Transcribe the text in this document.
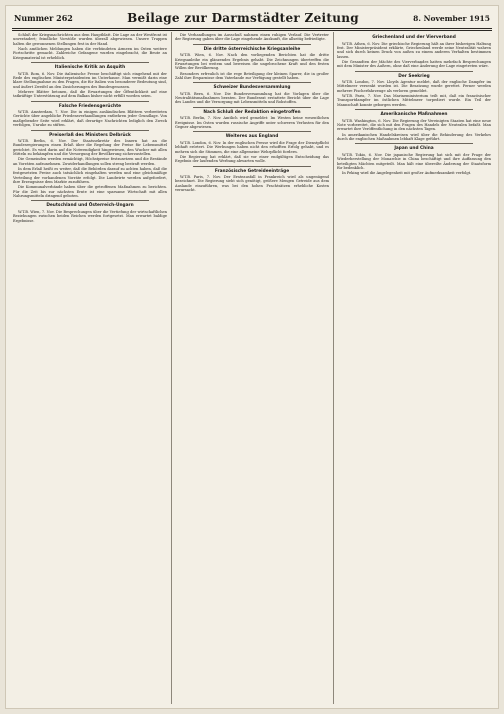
Nummer 262	Beilage zur Darmstädter Zeitung	8. November 1915

Schluß der Kriegsnachrichten aus dem Hauptblatt. Die Lage an der Westfront ist unverändert; feindliche Vorstöße wurden überall abgewiesen. Unsere Truppen halten die gewonnenen Stellungen fest in der Hand.

Nach amtlichen Meldungen haben die verbündeten Armeen im Osten weitere Fortschritte gemacht. Zahlreiche Gefangene wurden eingebracht, die Beute an Kriegsmaterial ist erheblich.

Italienische Kritik an Asquith

W.T.B. Rom, 6. Nov. Die italienische Presse beschäftigt sich eingehend mit der Rede des englischen Ministerpräsidenten im Unterhause. Man vermißt darin eine klare Stellungnahme zu den Fragen, die für Italien von besonderer Bedeutung sind, und äußert Zweifel an den Zusicherungen des Bundesgenossen.

Mehrere Blätter betonen, daß die Erwartungen der Öffentlichkeit auf eine tatkräftige Unterstützung auf dem Balkan bisher nicht erfüllt worden seien.

Falsche Friedensgerüchte

W.T.B. Amsterdam, 7. Nov. Die in einigen ausländischen Blättern verbreiteten Gerüchte über angebliche Friedensverhandlungen entbehren jeder Grundlage. Von maßgebender Seite wird erklärt, daß derartige Nachrichten lediglich den Zweck verfolgen, Unruhe zu stiften.

Preiserlaß des Ministers Delbrück

W.T.B. Berlin, 6. Nov. Der Staatssekretär des Innern hat an die Bundesregierungen einen Erlaß über die Regelung der Preise für Lebensmittel gerichtet. Es wird darin auf die Notwendigkeit hingewiesen, den Wucher mit allen Mitteln zu bekämpfen und die Versorgung der Bevölkerung sicherzustellen.

Die Gemeinden werden ermächtigt, Höchstpreise festzusetzen und die Bestände an Vorräten aufzunehmen. Zuwiderhandlungen sollen streng bestraft werden.

In dem Erlaß heißt es weiter, daß die Behörden darauf zu achten haben, daß die festgesetzten Preise auch tatsächlich eingehalten werden und eine gleichmäßige Verteilung der vorhandenen Vorräte erfolgt. Die Landwirte werden aufgefordert, ihre Erzeugnisse dem Markte zuzuführen.

Die Kommunalverbände haben über die getroffenen Maßnahmen zu berichten. Für die Zeit bis zur nächsten Ernte ist eine sparsame Wirtschaft mit allen Nahrungsmitteln dringend geboten.

Deutschland und Österreich-Ungarn

W.T.B. Wien, 7. Nov. Die Besprechungen über die Vertiefung der wirtschaftlichen Beziehungen zwischen beiden Reichen werden fortgesetzt. Man erwartet baldige Ergebnisse.

Die Verhandlungen im Ausschuß nahmen einen ruhigen Verlauf. Die Vertreter der Regierung gaben über die Lage eingehende Auskunft, die allseitig befriedigte.

Die dritte österreichische Kriegsanleihe

W.T.B. Wien, 6. Nov. Nach den vorliegenden Berichten hat die dritte Kriegsanleihe ein glänzendes Ergebnis gehabt. Die Zeichnungen übertreffen die Erwartungen bei weitem und beweisen die ungebrochene Kraft und den festen Willen der Bevölkerung.

Besonders erfreulich ist die rege Beteiligung der kleinen Sparer, die in großer Zahl ihre Ersparnisse dem Vaterlande zur Verfügung gestellt haben.

Schweizer Bundesversammlung

W.T.B. Bern, 6. Nov. Die Bundesversammlung hat die Vorlagen über die Neutralitätsmaßnahmen beraten. Der Bundesrat erstattete Bericht über die Lage des Landes und die Versorgung mit Lebensmitteln und Rohstoffen.

Nach Schluß der Redaktion eingetroffen

W.T.B. Berlin, 7. Nov. Amtlich wird gemeldet: Im Westen keine wesentlichen Ereignisse. Im Osten wurden russische Angriffe unter schweren Verlusten für den Gegner abgewiesen.

Weiteres aus England

W.T.B. London, 6. Nov. In der englischen Presse wird die Frage der Dienstpflicht lebhaft erörtert. Die Werbungen haben nicht den erhofften Erfolg gehabt, und es mehren sich die Stimmen, die eine allgemeine Wehrpflicht fordern.

Die Regierung hat erklärt, daß sie vor einer endgültigen Entscheidung das Ergebnis der laufenden Werbung abwarten wolle.

Französische Getreideeinträge

W.T.B. Paris, 7. Nov. Der Ernteausfall in Frankreich wird als ungenügend bezeichnet. Die Regierung sieht sich genötigt, größere Mengen Getreide aus dem Auslande einzuführen, was bei den hohen Frachtsätzen erhebliche Kosten verursacht.

Griechenland und der Vierverband

W.T.B. Athen, 6. Nov. Die griechische Regierung hält an ihrer bisherigen Haltung fest. Der Ministerpräsident erklärte, Griechenland werde seine Neutralität wahren und sich durch keinen Druck von außen zu einem anderen Verhalten bestimmen lassen.

Die Gesandten der Mächte des Vierverbandes hatten mehrfach Besprechungen mit dem Minister des Äußern, ohne daß eine Änderung der Lage eingetreten wäre.

Der Seekrieg

W.T.B. London, 7. Nov. Lloyds Agentur meldet, daß der englische Dampfer im Mittelmeer versenkt worden ist. Die Besatzung wurde gerettet. Ferner werden mehrere Fischerfahrzeuge als verloren gemeldet.

W.T.B. Paris, 7. Nov. Das Marineministerium teilt mit, daß ein französischer Transportdampfer im östlichen Mittelmeer torpediert wurde. Ein Teil der Mannschaft konnte geborgen werden.

Amerikanische Maßnahmen

W.T.B. Washington, 6. Nov. Die Regierung der Vereinigten Staaten hat eine neue Note vorbereitet, die sich mit den Fragen des Handels der Neutralen befaßt. Man erwartet ihre Veröffentlichung in den nächsten Tagen.

In amerikanischen Handelskreisen wird über die Behinderung des Verkehrs durch die englischen Maßnahmen lebhaft Klage geführt.

Japan und China

W.T.B. Tokio, 6. Nov. Die japanische Regierung hat sich mit der Frage der Wiederherstellung der Monarchie in China beschäftigt und ihre Auffassung den beteiligten Mächten mitgeteilt. Man hält eine übereilte Änderung der Staatsform für bedenklich.

In Peking wird die Angelegenheit mit großer Aufmerksamkeit verfolgt.
